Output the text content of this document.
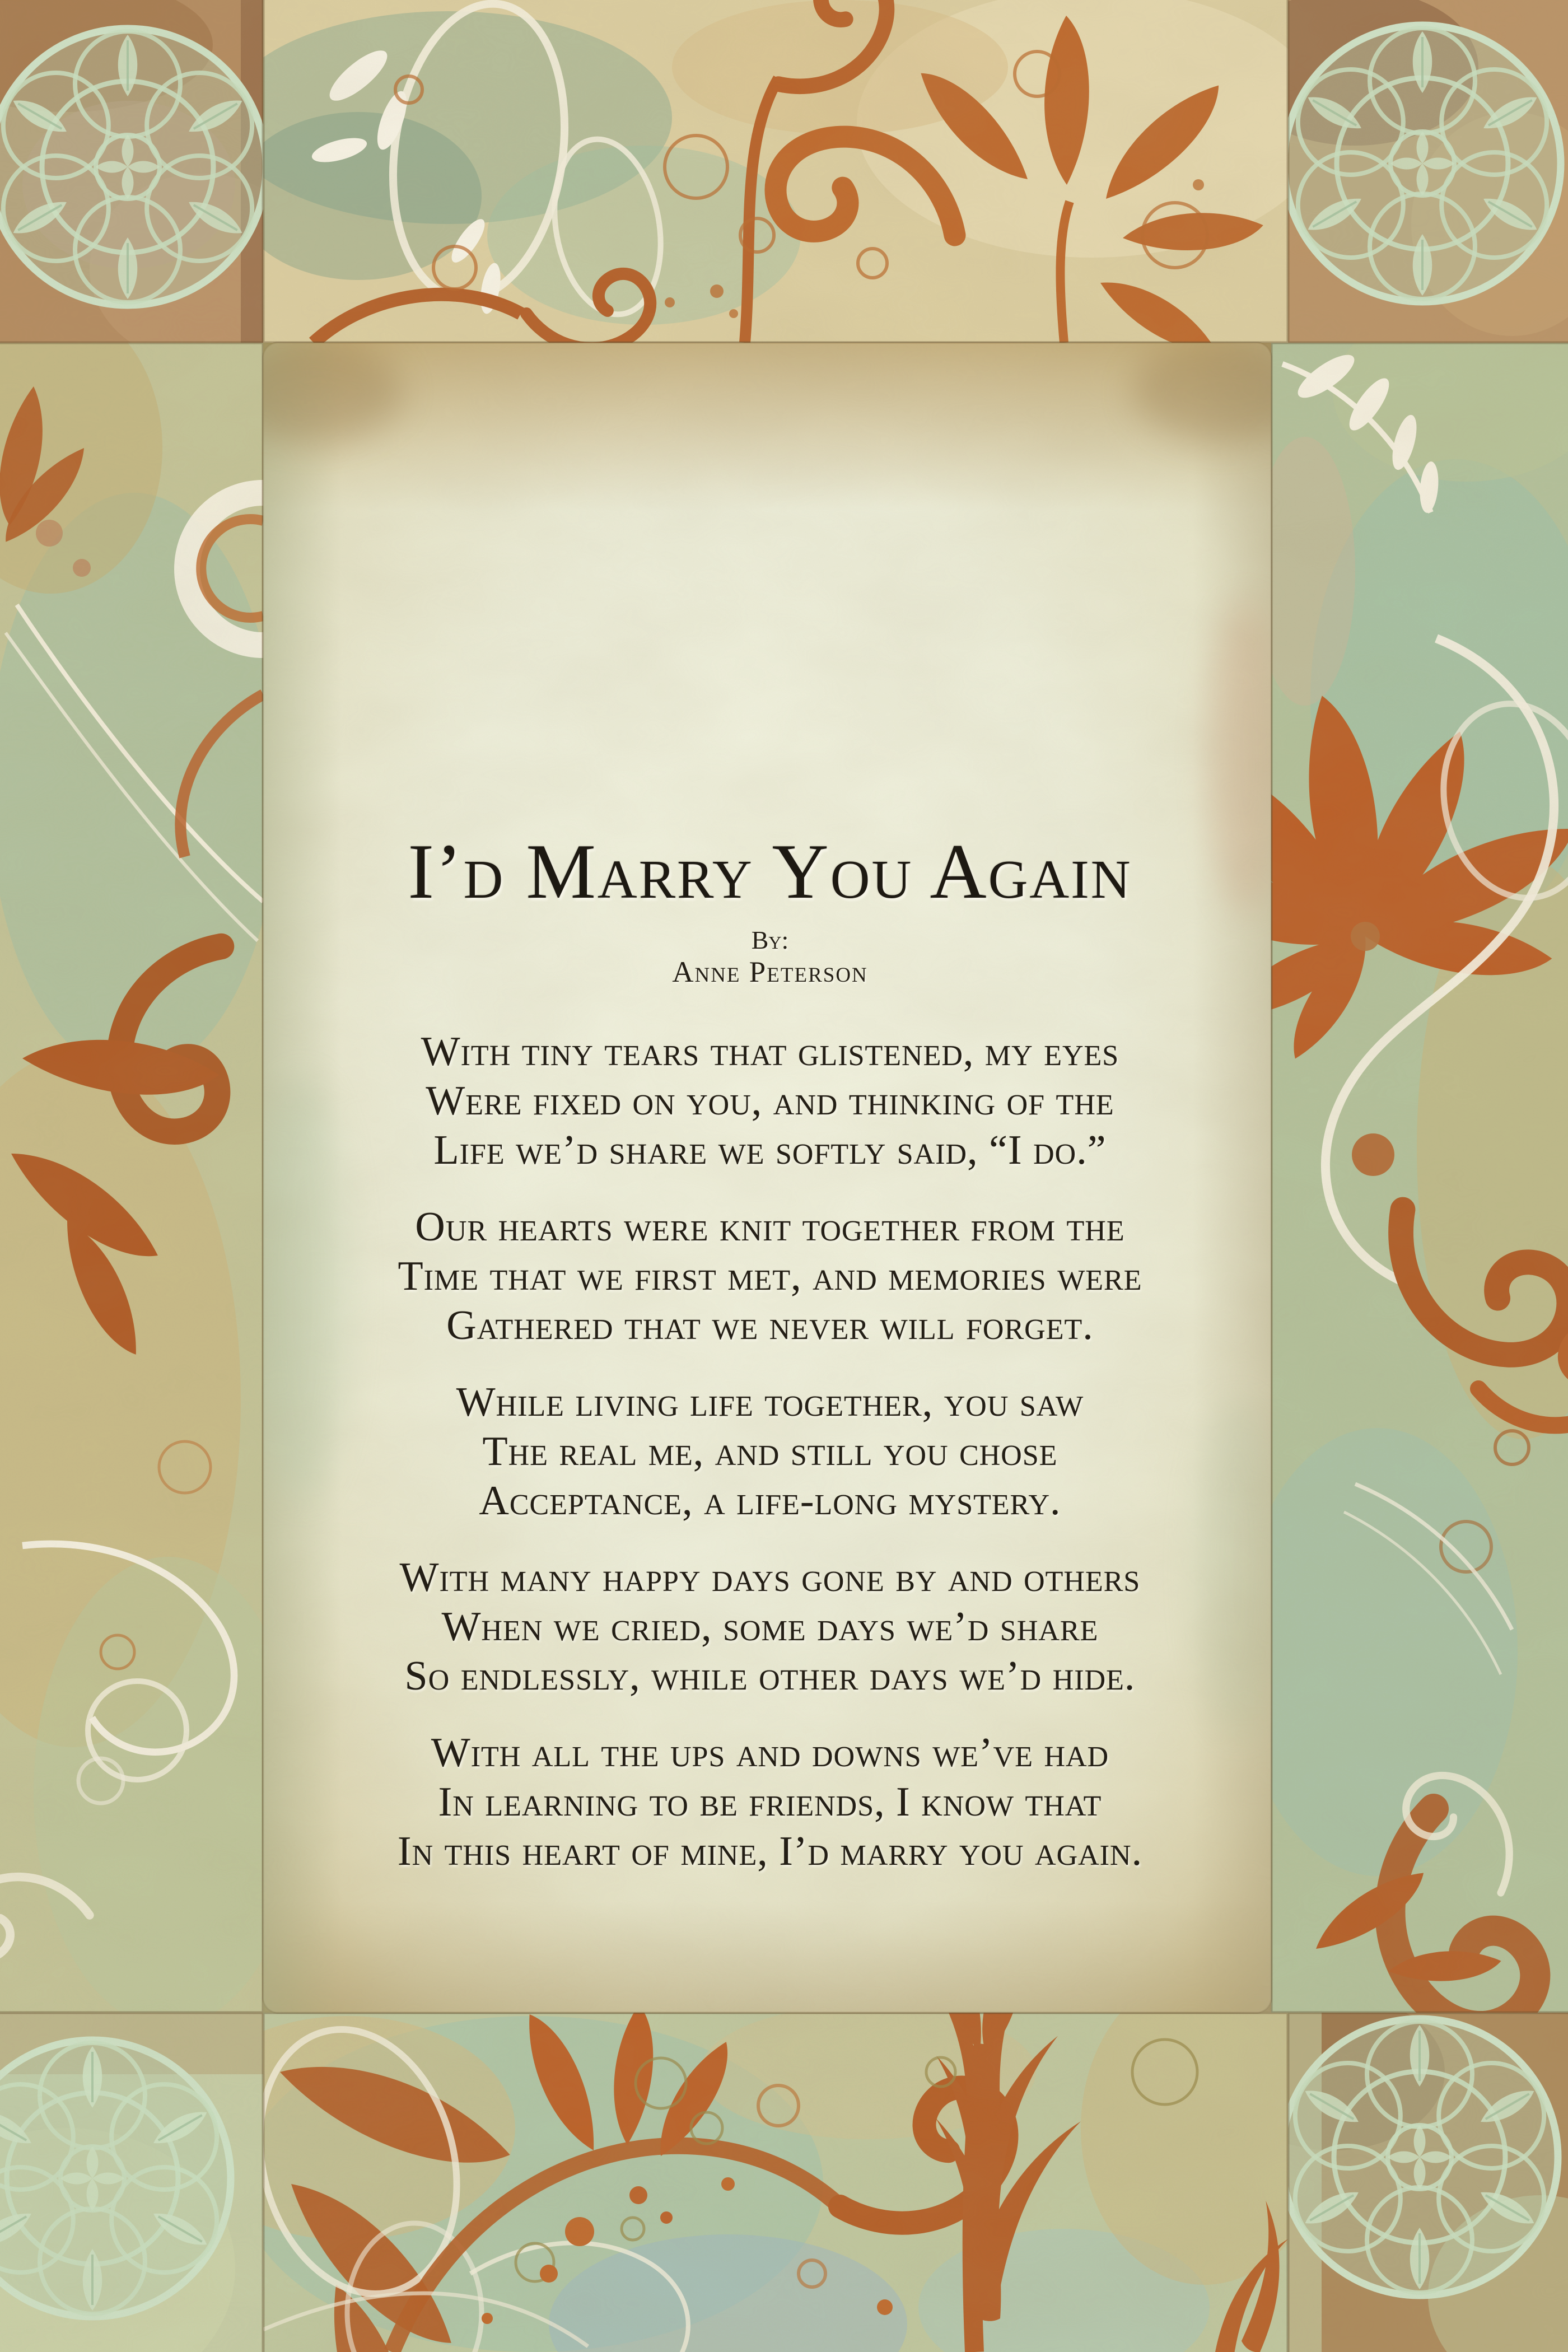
I’d Marry You Again
By:
Anne Peterson

With tiny tears that glistened, my eyes
Were fixed on you, and thinking of the
Life we’d share we softly said, “I do.”

Our hearts were knit together from the
Time that we first met, and memories were
Gathered that we never will forget.

While living life together, you saw
The real me, and still you chose
Acceptance, a life-long mystery.

With many happy days gone by and others
When we cried, some days we’d share
So endlessly, while other days we’d hide.

With all the ups and downs we’ve had
In learning to be friends, I know that
In this heart of mine, I’d marry you again.
